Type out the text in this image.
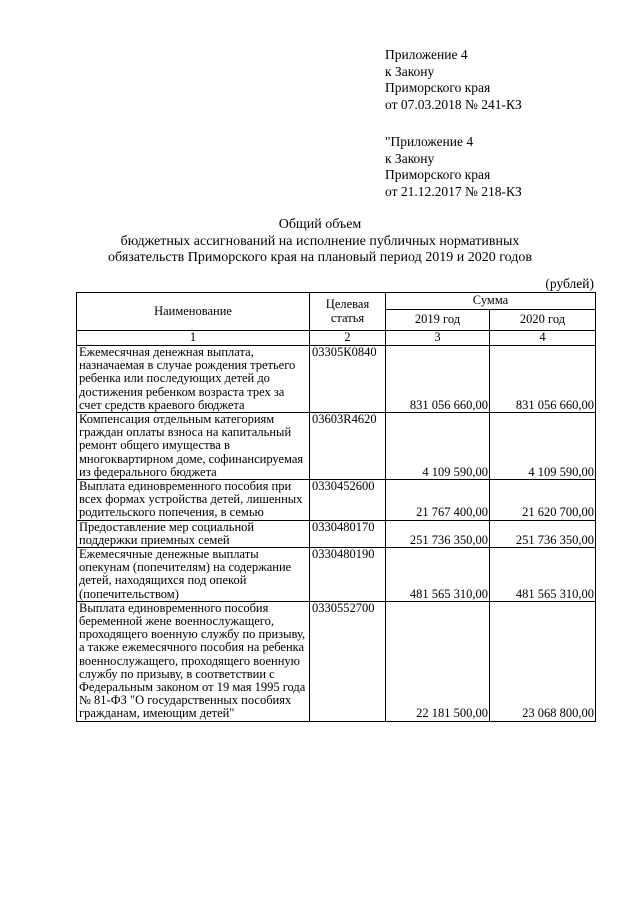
Приложение 4
к Закону
Приморского края
от 07.03.2018 № 241-КЗ
"Приложение 4
к Закону
Приморского края
от 21.12.2017 № 218-КЗ
Общий объем
бюджетных ассигнований на исполнение публичных нормативных
обязательств Приморского края на плановый период 2019 и 2020 годов
(рублей)
Наименование	Целевая статья	Сумма	
		2019 год	2020 год
1	2	3	4
Ежемесячная денежная выплата, назначаемая в случае рождения третьего ребенка или последующих детей до достижения ребенком возраста трех за счет средств краевого бюджета	03305К0840	831 056 660,00	831 056 660,00
Компенсация отдельным категориям граждан оплаты взноса на капитальный ремонт общего имущества в многоквартирном доме, софинансируемая из федерального бюджета	03603R4620	4 109 590,00	4 109 590,00
Выплата единовременного пособия при всех формах устройства детей, лишенных родительского попечения, в семью	0330452600	21 767 400,00	21 620 700,00
Предоставление мер социальной поддержки приемных семей	0330480170	251 736 350,00	251 736 350,00
Ежемесячные денежные выплаты опекунам (попечителям) на содержание детей, находящихся под опекой (попечительством)	0330480190	481 565 310,00	481 565 310,00
Выплата единовременного пособия беременной жене военнослужащего, проходящего военную службу по призыву, а также ежемесячного пособия на ребенка военнослужащего, проходящего военную службу по призыву, в соответствии с Федеральным законом от 19 мая 1995 года № 81-ФЗ "О государственных пособиях гражданам, имеющим детей"	0330552700	22 181 500,00	23 068 800,00
